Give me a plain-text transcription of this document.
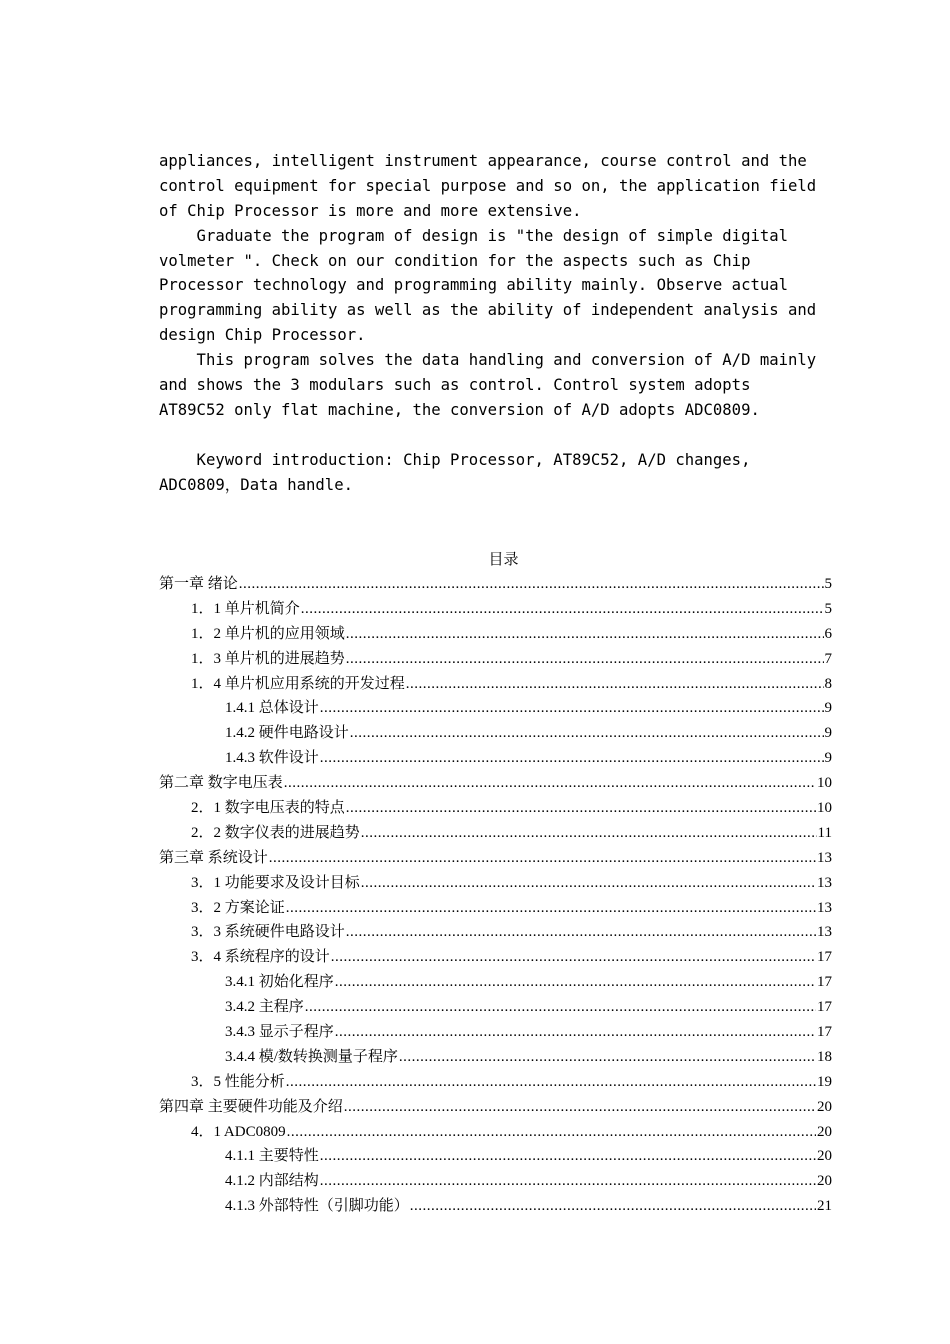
appliances, intelligent instrument appearance, course control and the
control equipment for special purpose and so on, the application field
of Chip Processor is more and more extensive.
Graduate the program of design is "the design of simple digital
volmeter ". Check on our condition for the aspects such as Chip
Processor technology and programming ability mainly. Observe actual
programming ability as well as the ability of independent analysis and
design Chip Processor.
This program solves the data handling and conversion of A/D mainly
and shows the 3 modulars such as control. Control system adopts
AT89C52 only flat machine, the conversion of A/D adopts ADC0809.
Keyword introduction: Chip Processor, AT89C52, A/D changes,
ADC0809，Data handle.
目录
第一章 绪论 .....	5
1．1 单片机简介 .....	5
1．2 单片机的应用领域 .....	6
1．3 单片机的进展趋势 .....	7
1．4 单片机应用系统的开发过程 .....	8
1.4.1 总体设计 .....	9
1.4.2 硬件电路设计 .....	9
1.4.3 软件设计 .....	9
第二章 数字电压表 .....	10
2．1 数字电压表的特点 .....	10
2．2 数字仪表的进展趋势 .....	11
第三章 系统设计 .....	13
3．1 功能要求及设计目标 .....	13
3．2 方案论证 .....	13
3．3 系统硬件电路设计 .....	13
3．4 系统程序的设计 .....	17
3.4.1 初始化程序 .....	17
3.4.2 主程序 .....	17
3.4.3 显示子程序 .....	17
3.4.4 模/数转换测量子程序 .....	18
3．5 性能分析 .....	19
第四章 主要硬件功能及介绍 .....	20
4．1 ADC0809 .....	20
4.1.1 主要特性 .....	20
4.1.2 内部结构 .....	20
4.1.3 外部特性（引脚功能） .....	21
